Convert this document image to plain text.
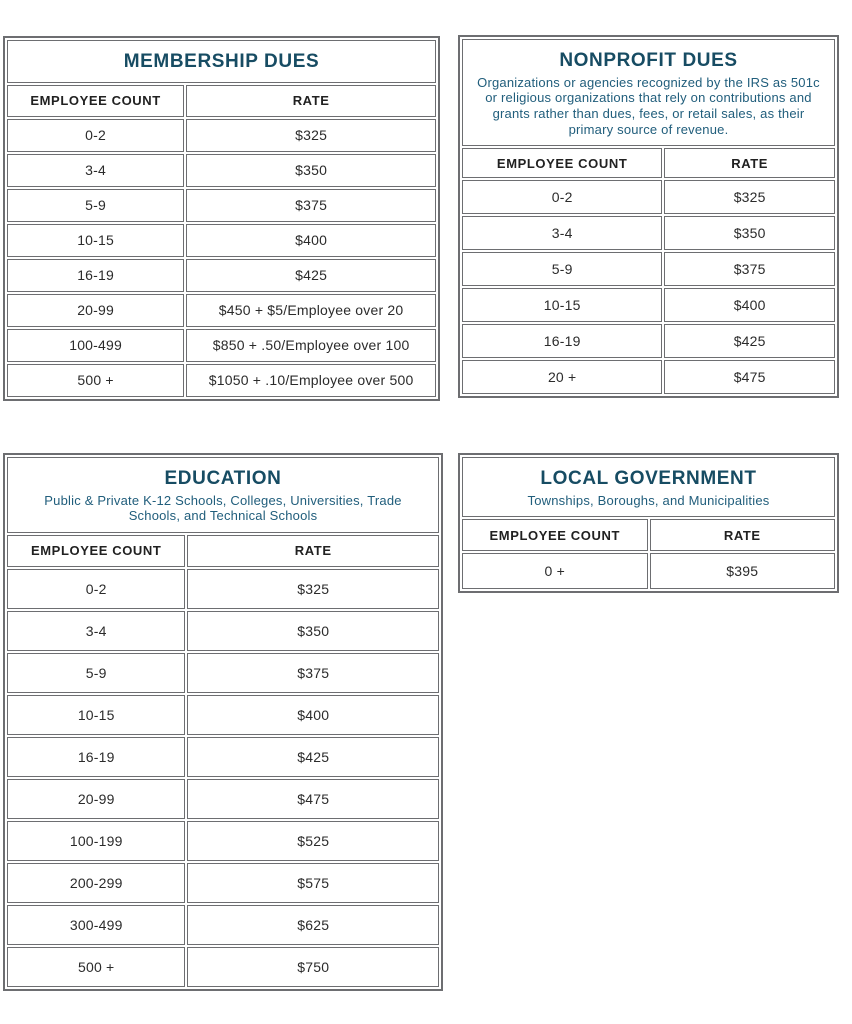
MEMBERSHIP DUES	

EMPLOYEE COUNT	RATE
0-2	$325
3-4	$350
5-9	$375
10-15	$400
16-19	$425
20-99	$450 + $5/Employee over 20
100-499	$850 + .50/Employee over 100
500 +	$1050 + .10/Employee over 500
NONPROFIT DUES
Organizations or agencies recognized by the IRS as 501c or religious organizations that rely on contributions and grants rather than dues, fees, or retail sales, as their primary source of revenue.	

EMPLOYEE COUNT	RATE
0-2	$325
3-4	$350
5-9	$375
10-15	$400
16-19	$425
20 +	$475
EDUCATION
Public & Private K-12 Schools, Colleges, Universities, Trade Schools, and Technical Schools	

EMPLOYEE COUNT	RATE
0-2	$325
3-4	$350
5-9	$375
10-15	$400
16-19	$425
20-99	$475
100-199	$525
200-299	$575
300-499	$625
500 +	$750
LOCAL GOVERNMENT
Townships, Boroughs, and Municipalities	

EMPLOYEE COUNT	RATE
0 +	$395
